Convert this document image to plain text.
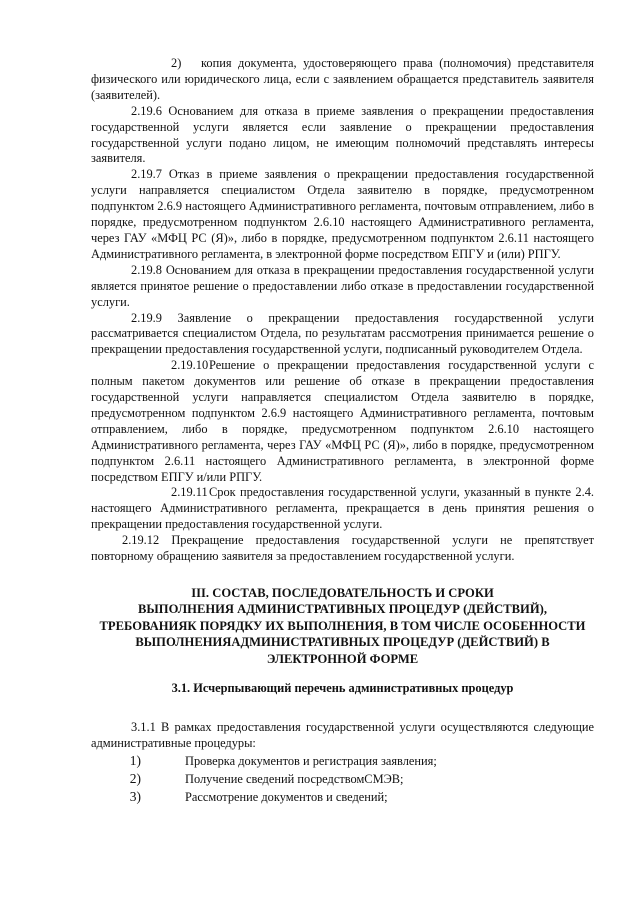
2) копия документа, удостоверяющего права (полномочия) представителя физического или юридического лица, если с заявлением обращается представитель заявителя (заявителей).

2.19.6 Основанием для отказа в приеме заявления о прекращении предоставления государственной услуги является если заявление о прекращении предоставления государственной услуги подано лицом, не имеющим полномочий представлять интересы заявителя.

2.19.7 Отказ в приеме заявления о прекращении предоставления государственной услуги направляется специалистом Отдела заявителю в порядке, предусмотренном подпунктом 2.6.9 настоящего Административного регламента, почтовым отправлением, либо в порядке, предусмотренном подпунктом 2.6.10 настоящего Административного регламента, через ГАУ «МФЦ РС (Я)», либо в порядке, предусмотренном подпунктом 2.6.11 настоящего Административного регламента, в электронной форме посредством ЕПГУ и (или) РПГУ.

2.19.8 Основанием для отказа в прекращении предоставления государственной услуги является принятое решение о предоставлении либо отказе в предоставлении государственной услуги.

2.19.9 Заявление о прекращении предоставления государственной услуги рассматривается специалистом Отдела, по результатам рассмотрения принимается решение о прекращении предоставления государственной услуги, подписанный руководителем Отдела.

2.19.10Решение о прекращении предоставления государственной услуги с полным пакетом документов или решение об отказе в прекращении предоставления государственной услуги направляется специалистом Отдела заявителю в порядке, предусмотренном подпунктом 2.6.9 настоящего Административного регламента, почтовым отправлением, либо в порядке, предусмотренном подпунктом 2.6.10 настоящего Административного регламента, через ГАУ «МФЦ РС (Я)», либо в порядке, предусмотренном подпунктом 2.6.11 настоящего Административного регламента, в электронной форме посредством ЕПГУ и/или РПГУ.

2.19.11Срок предоставления государственной услуги, указанный в пункте 2.4. настоящего Административного регламента, прекращается в день принятия решения о прекращении предоставления государственной услуги.

2.19.12 Прекращение предоставления государственной услуги не препятствует повторному обращению заявителя за предоставлением государственной услуги.

III. СОСТАВ, ПОСЛЕДОВАТЕЛЬНОСТЬ И СРОКИ
ВЫПОЛНЕНИЯ АДМИНИСТРАТИВНЫХ ПРОЦЕДУР (ДЕЙСТВИЙ),
ТРЕБОВАНИЯК ПОРЯДКУ ИХ ВЫПОЛНЕНИЯ, В ТОМ ЧИСЛЕ ОСОБЕННОСТИ
ВЫПОЛНЕНИЯАДМИНИСТРАТИВНЫХ ПРОЦЕДУР (ДЕЙСТВИЙ) В
ЭЛЕКТРОННОЙ ФОРМЕ
3.1. Исчерпывающий перечень административных процедур

3.1.1 В рамках предоставления государственной услуги осуществляются следующие административные процедуры:

1)	Проверка документов и регистрация заявления;
2)	Получение сведений посредствомСМЭВ;
3)	Рассмотрение документов и сведений;
